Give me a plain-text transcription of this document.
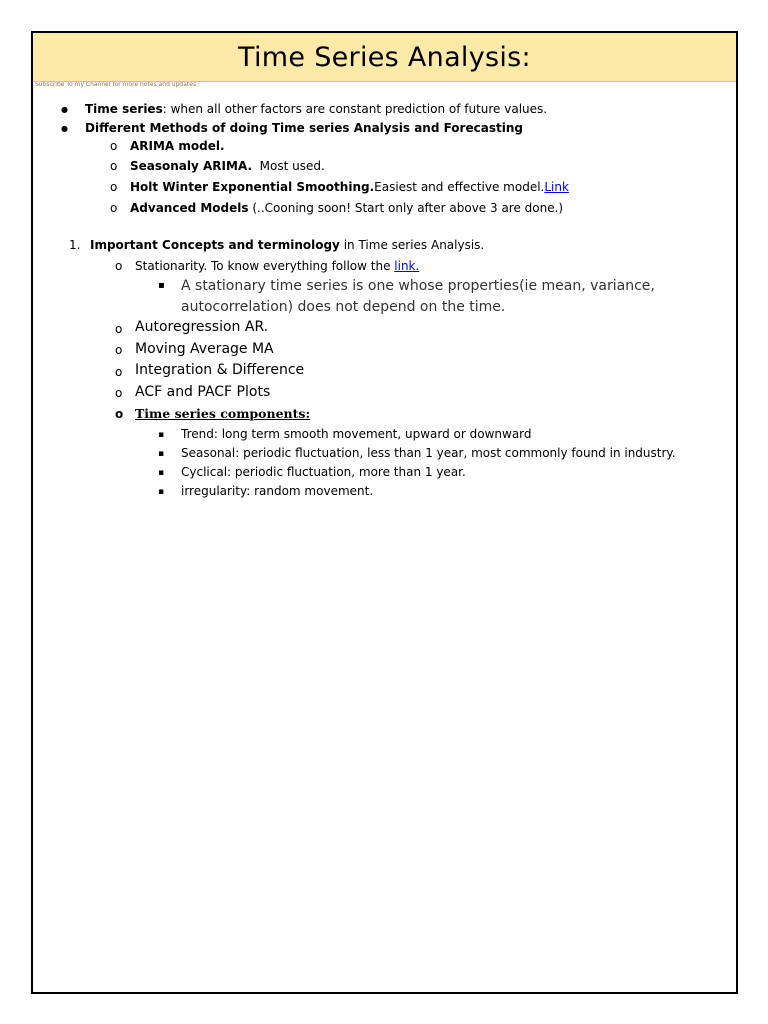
Time Series Analysis:
Subscribe To my Channel for more notes and updates
● Time series: when all other factors are constant prediction of future values.
● Different Methods of doing Time series Analysis and Forecasting
o ARIMA model.
o Seasonaly ARIMA.  Most used.
o Holt Winter Exponential Smoothing.Easiest and effective model.Link
o Advanced Models (..Cooning soon! Start only after above 3 are done.)
1. Important Concepts and terminology in Time series Analysis.
o Stationarity. To know everything follow the link.
▪ A stationary time series is one whose properties(ie mean, variance,
autocorrelation) does not depend on the time.
o Autoregression AR.
o Moving Average MA
o Integration & Difference
o ACF and PACF Plots
o Time series components:
▪ Trend: long term smooth movement, upward or downward
▪ Seasonal: periodic fluctuation, less than 1 year, most commonly found in industry.
▪ Cyclical: periodic fluctuation, more than 1 year.
▪ irregularity: random movement.
